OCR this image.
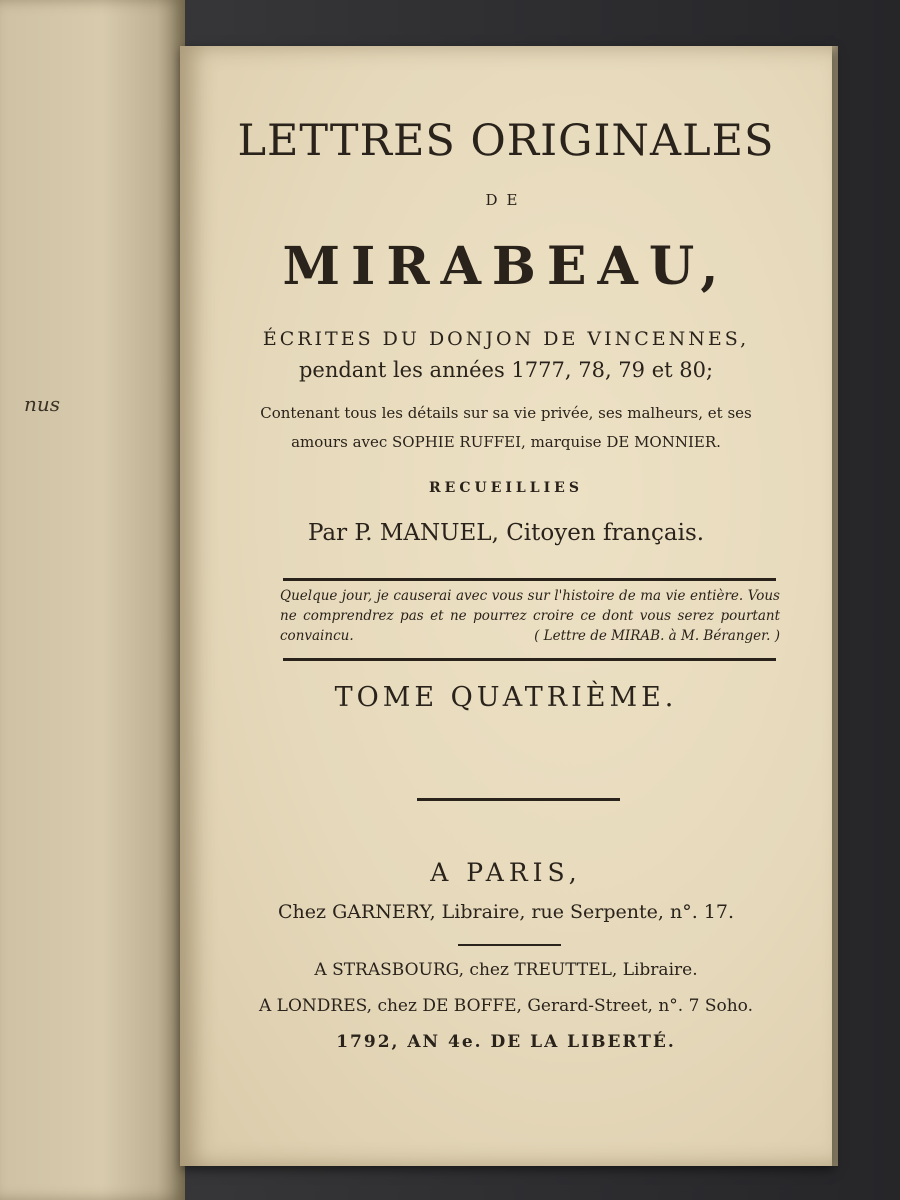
nus
LETTRES ORIGINALES
DE
MIRABEAU,
ÉCRITES DU DONJON DE VINCENNES,
pendant les années 1777, 78, 79 et 80;
Contenant tous les détails sur sa vie privée, ses malheurs, et ses
amours avec SOPHIE RUFFEI, marquise DE MONNIER.
RECUEILLIES
Par P. MANUEL, Citoyen français.
Quelque jour, je causerai avec vous sur l'histoire de ma vie entière. Vous ne comprendrez pas et ne pourrez croire ce dont vous serez pourtant convaincu.	( Lettre de MIRAB. à M. Béranger. )
TOME QUATRIÈME.
A PARIS,
Chez GARNERY, Libraire, rue Serpente, n°. 17.
A STRASBOURG, chez TREUTTEL, Libraire.
A LONDRES, chez DE BOFFE, Gerard-Street, n°. 7 Soho.
1792, AN 4e. DE LA LIBERTÉ.
